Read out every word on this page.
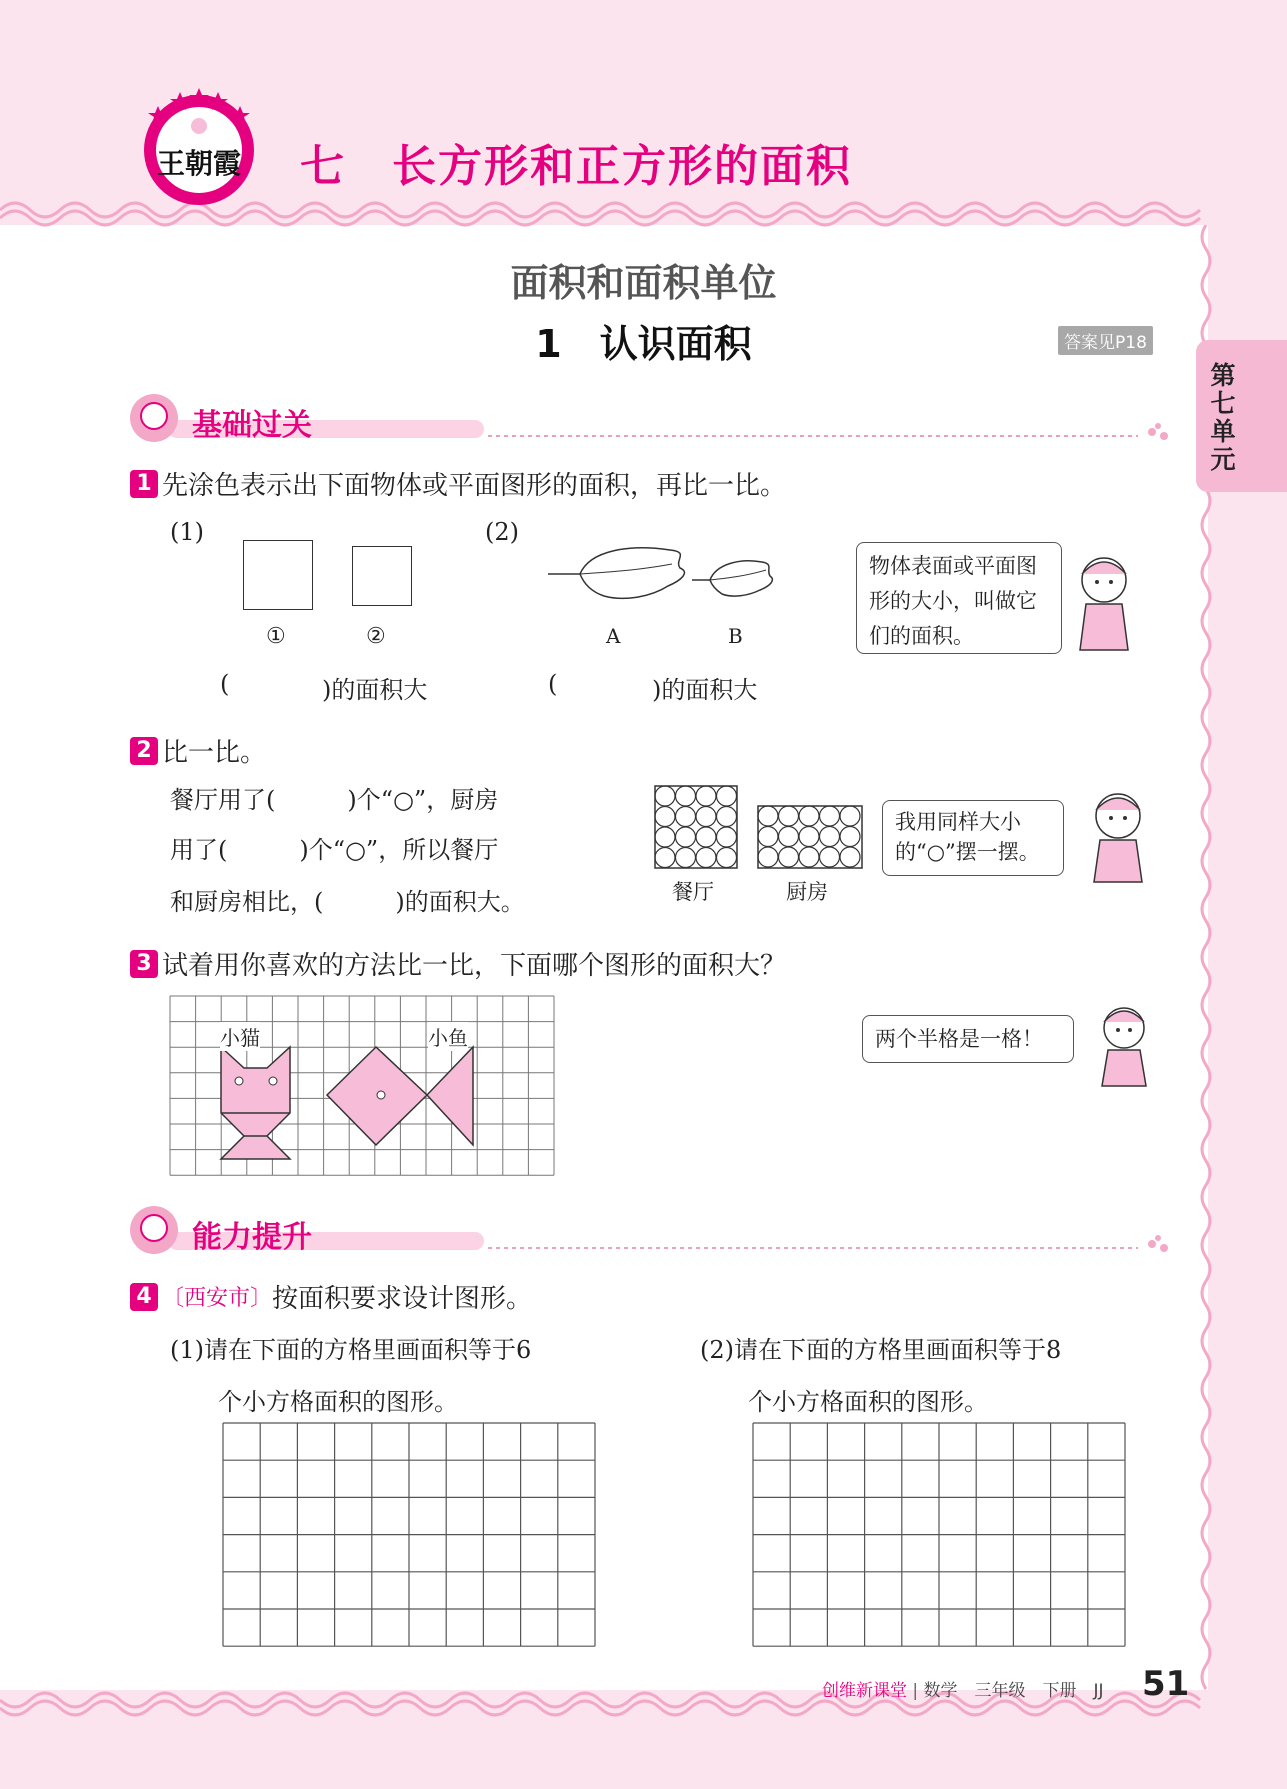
王朝霞 七　长方形和正方形的面积
面积和面积单位
1　认识面积	答案见P18
第七单元
基础过关
1 先涂色表示出下面物体或平面图形的面积，再比一比。
(1)	(2)
①	②	A	B
(	)的面积大	(	)的面积大
物体表面或平面图形的大小，叫做它们的面积。
2 比一比。
餐厅用了(　　　)个“○”，厨房
用了(　　　)个“○”，所以餐厅
和厨房相比，(　　　)的面积大。	餐厅	厨房
我用同样大小的“○”摆一摆。
3 试着用你喜欢的方法比一比，下面哪个图形的面积大？
小猫	小鱼	两个半格是一格！
能力提升
4 〔西安市〕按面积要求设计图形。
(1)请在下面的方格里画面积等于6
个小方格面积的图形。
(2)请在下面的方格里画面积等于8
个小方格面积的图形。
创维新课堂 | 数学　三年级　下册　JJ 51
